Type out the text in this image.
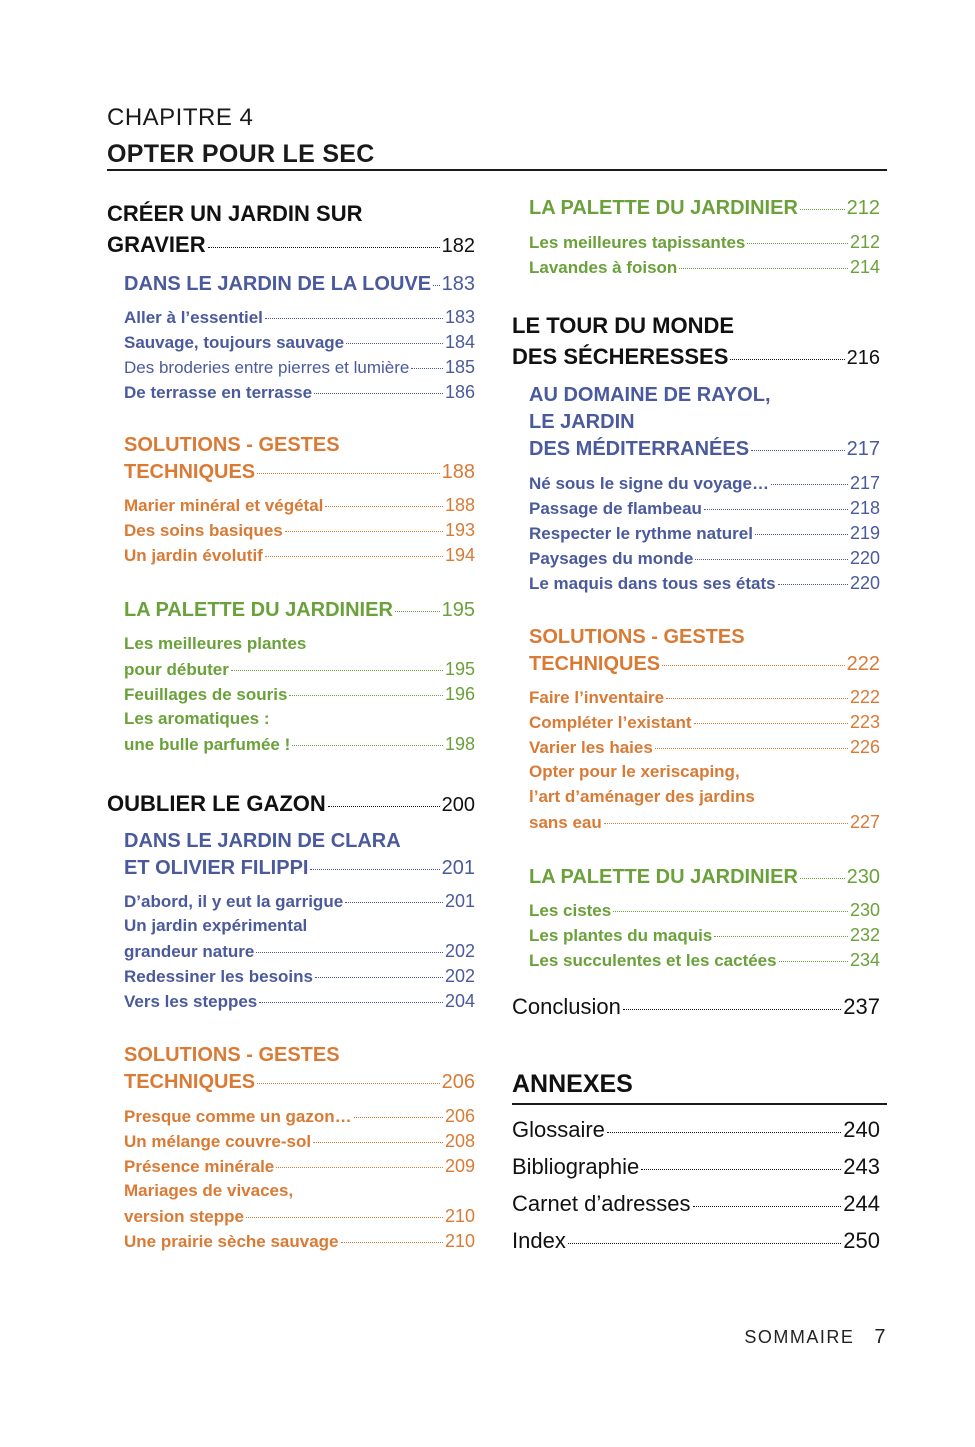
CHAPITRE 4
OPTER POUR LE SEC
CRÉER UN JARDIN SUR
GRAVIER	182
DANS LE JARDIN DE LA LOUVE 183
Aller à l’essentiel	183
Sauvage, toujours sauvage	184
Des broderies entre pierres et lumière 185
De terrasse en terrasse	186
SOLUTIONS - GESTES
TECHNIQUES	188
Marier minéral et végétal	188
Des soins basiques	193
Un jardin évolutif	194
LA PALETTE DU JARDINIER 195
Les meilleures plantes
pour débuter	195
Feuillages de souris	196
Les aromatiques :
une bulle parfumée !	198
OUBLIER LE GAZON	200
DANS LE JARDIN DE CLARA
ET OLIVIER FILIPPI	201
D’abord, il y eut la garrigue	201
Un jardin expérimental
grandeur nature	202
Redessiner les besoins	202
Vers les steppes	204
SOLUTIONS - GESTES
TECHNIQUES	206
Presque comme un gazon…	206
Un mélange couvre-sol	208
Présence minérale	209
Mariages de vivaces,
version steppe	210
Une prairie sèche sauvage	210
LA PALETTE DU JARDINIER 212
Les meilleures tapissantes	212
Lavandes à foison	214
LE TOUR DU MONDE
DES SÉCHERESSES	216
AU DOMAINE DE RAYOL,
LE JARDIN
DES MÉDITERRANÉES	217
Né sous le signe du voyage…	217
Passage de flambeau	218
Respecter le rythme naturel	219
Paysages du monde	220
Le maquis dans tous ses états	220
SOLUTIONS - GESTES
TECHNIQUES	222
Faire l’inventaire	222
Compléter l’existant	223
Varier les haies	226
Opter pour le xeriscaping,
l’art d’aménager des jardins
sans eau	227
LA PALETTE DU JARDINIER 230
Les cistes	230
Les plantes du maquis	232
Les succulentes et les cactées	234
Conclusion	237
ANNEXES
Glossaire	240
Bibliographie	243
Carnet d’adresses	244
Index	250
SOMMAIRE 7
